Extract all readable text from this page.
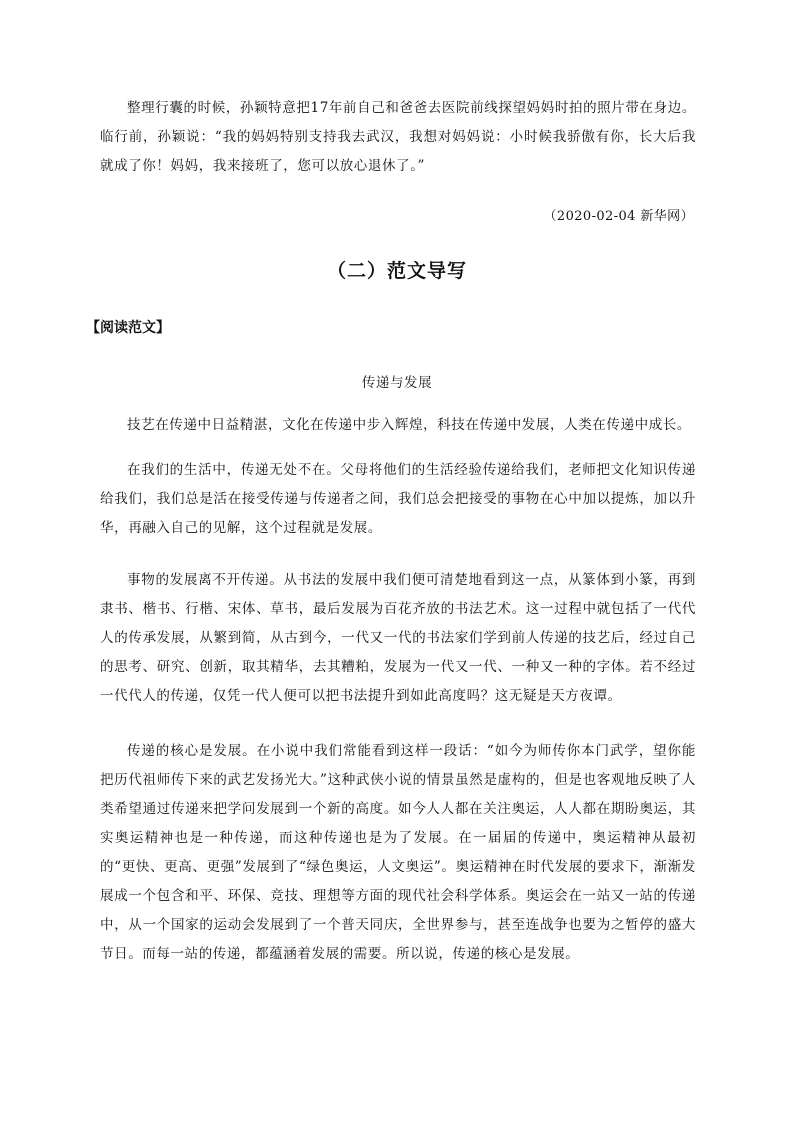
整理行囊的时候，孙颖特意把17年前自己和爸爸去医院前线探望妈妈时拍的照片带在身边。临行前，孙颖说：“我的妈妈特别支持我去武汉，我想对妈妈说：小时候我骄傲有你，长大后我就成了你！妈妈，我来接班了，您可以放心退休了。”

（2020-02-04 新华网）
（二）范文导写
【阅读范文】
传递与发展

技艺在传递中日益精湛，文化在传递中步入辉煌，科技在传递中发展，人类在传递中成长。

在我们的生活中，传递无处不在。父母将他们的生活经验传递给我们，老师把文化知识传递给我们，我们总是活在接受传递与传递者之间，我们总会把接受的事物在心中加以提炼，加以升华，再融入自己的见解，这个过程就是发展。

事物的发展离不开传递。从书法的发展中我们便可清楚地看到这一点，从篆体到小篆，再到隶书、楷书、行楷、宋体、草书，最后发展为百花齐放的书法艺术。这一过程中就包括了一代代人的传承发展，从繁到简，从古到今，一代又一代的书法家们学到前人传递的技艺后，经过自己的思考、研究、创新，取其精华，去其糟粕，发展为一代又一代、一种又一种的字体。若不经过一代代人的传递，仅凭一代人便可以把书法提升到如此高度吗？这无疑是天方夜谭。

传递的核心是发展。在小说中我们常能看到这样一段话：“如今为师传你本门武学，望你能把历代祖师传下来的武艺发扬光大。”这种武侠小说的情景虽然是虚构的，但是也客观地反映了人类希望通过传递来把学问发展到一个新的高度。如今人人都在关注奥运，人人都在期盼奥运，其实奥运精神也是一种传递，而这种传递也是为了发展。在一届届的传递中，奥运精神从最初的“更快、更高、更强”发展到了“绿色奥运，人文奥运”。奥运精神在时代发展的要求下，渐渐发展成一个包含和平、环保、竞技、理想等方面的现代社会科学体系。奥运会在一站又一站的传递中，从一个国家的运动会发展到了一个普天同庆，全世界参与，甚至连战争也要为之暂停的盛大节日。而每一站的传递，都蕴涵着发展的需要。所以说，传递的核心是发展。
